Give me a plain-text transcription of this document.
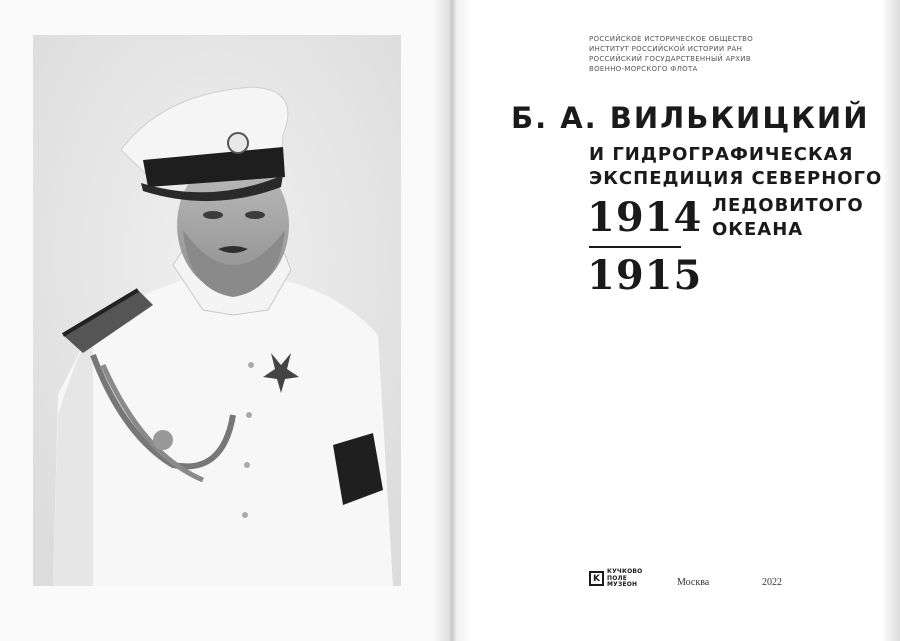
РОССИЙСКОЕ ИСТОРИЧЕСКОЕ ОБЩЕСТВО
ИНСТИТУТ РОССИЙСКОЙ ИСТОРИИ РАН
РОССИЙСКИЙ ГОСУДАРСТВЕННЫЙ АРХИВ
ВОЕННО-МОРСКОГО ФЛОТА
Б. А. ВИЛЬКИЦКИЙ
И ГИДРОГРАФИЧЕСКАЯ
ЭКСПЕДИЦИЯ СЕВЕРНОГО
ЛЕДОВИТОГО
ОКЕАНА
1914
1915
K
КУЧКОВО
ПОЛЕ
МУЗЕОН	Москва	2022
